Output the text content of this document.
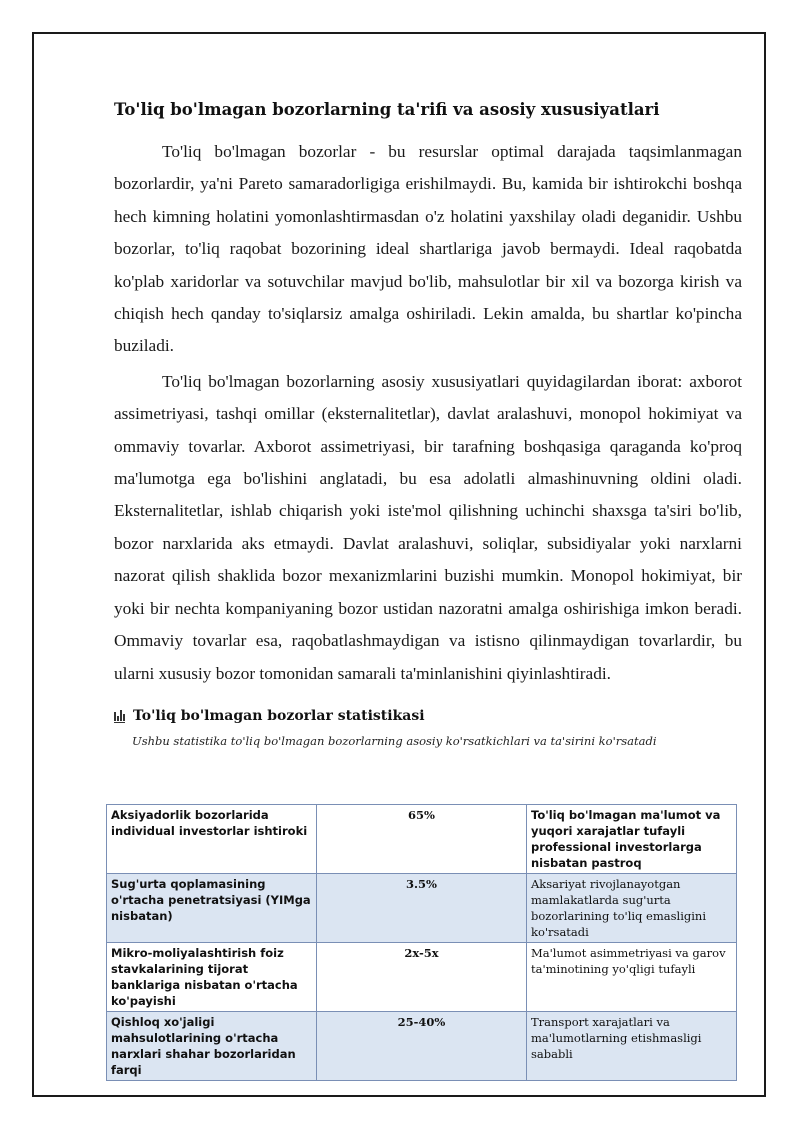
To'liq bo'lmagan bozorlarning ta'rifi va asosiy xususiyatlari

To'liq bo'lmagan bozorlar - bu resurslar optimal darajada taqsimlanmagan bozorlardir, ya'ni Pareto samaradorligiga erishilmaydi. Bu, kamida bir ishtirokchi boshqa hech kimning holatini yomonlashtirmasdan o'z holatini yaxshilay oladi deganidir. Ushbu bozorlar, to'liq raqobat bozorining ideal shartlariga javob bermaydi. Ideal raqobatda ko'plab xaridorlar va sotuvchilar mavjud bo'lib, mahsulotlar bir xil va bozorga kirish va chiqish hech qanday to'siqlarsiz amalga oshiriladi. Lekin amalda, bu shartlar ko'pincha buziladi.

To'liq bo'lmagan bozorlarning asosiy xususiyatlari quyidagilardan iborat: axborot assimetriyasi, tashqi omillar (eksternalitetlar), davlat aralashuvi, monopol hokimiyat va ommaviy tovarlar. Axborot assimetriyasi, bir tarafning boshqasiga qaraganda ko'proq ma'lumotga ega bo'lishini anglatadi, bu esa adolatli almashinuvning oldini oladi. Eksternalitetlar, ishlab chiqarish yoki iste'mol qilishning uchinchi shaxsga ta'siri bo'lib, bozor narxlarida aks etmaydi. Davlat aralashuvi, soliqlar, subsidiyalar yoki narxlarni nazorat qilish shaklida bozor mexanizmlarini buzishi mumkin. Monopol hokimiyat, bir yoki bir nechta kompaniyaning bozor ustidan nazoratni amalga oshirishiga imkon beradi. Ommaviy tovarlar esa, raqobatlashmaydigan va istisno qilinmaydigan tovarlardir, bu ularni xususiy bozor tomonidan samarali ta'minlanishini qiyinlashtiradi.

To'liq bo'lmagan bozorlar statistikasi
Ushbu statistika to'liq bo'lmagan bozorlarning asosiy ko'rsatkichlari va ta'sirini ko'rsatadi
Aksiyadorlik bozorlarida individual investorlar ishtiroki	65%	To'liq bo'lmagan ma'lumot va yuqori xarajatlar tufayli professional investorlarga nisbatan pastroq
Sug'urta qoplamasining o'rtacha penetratsiyasi (YIMga nisbatan)	3.5%	Aksariyat rivojlanayotgan mamlakatlarda sug'urta bozorlarining to'liq emasligini ko'rsatadi
Mikro-moliyalashtirish foiz stavkalarining tijorat banklariga nisbatan o'rtacha ko'payishi	2x-5x	Ma'lumot asimmetriyasi va garov ta'minotining yo'qligi tufayli
Qishloq xo'jaligi mahsulotlarining o'rtacha narxlari shahar bozorlaridan farqi	25-40%	Transport xarajatlari va ma'lumotlarning etishmasligi sababli
